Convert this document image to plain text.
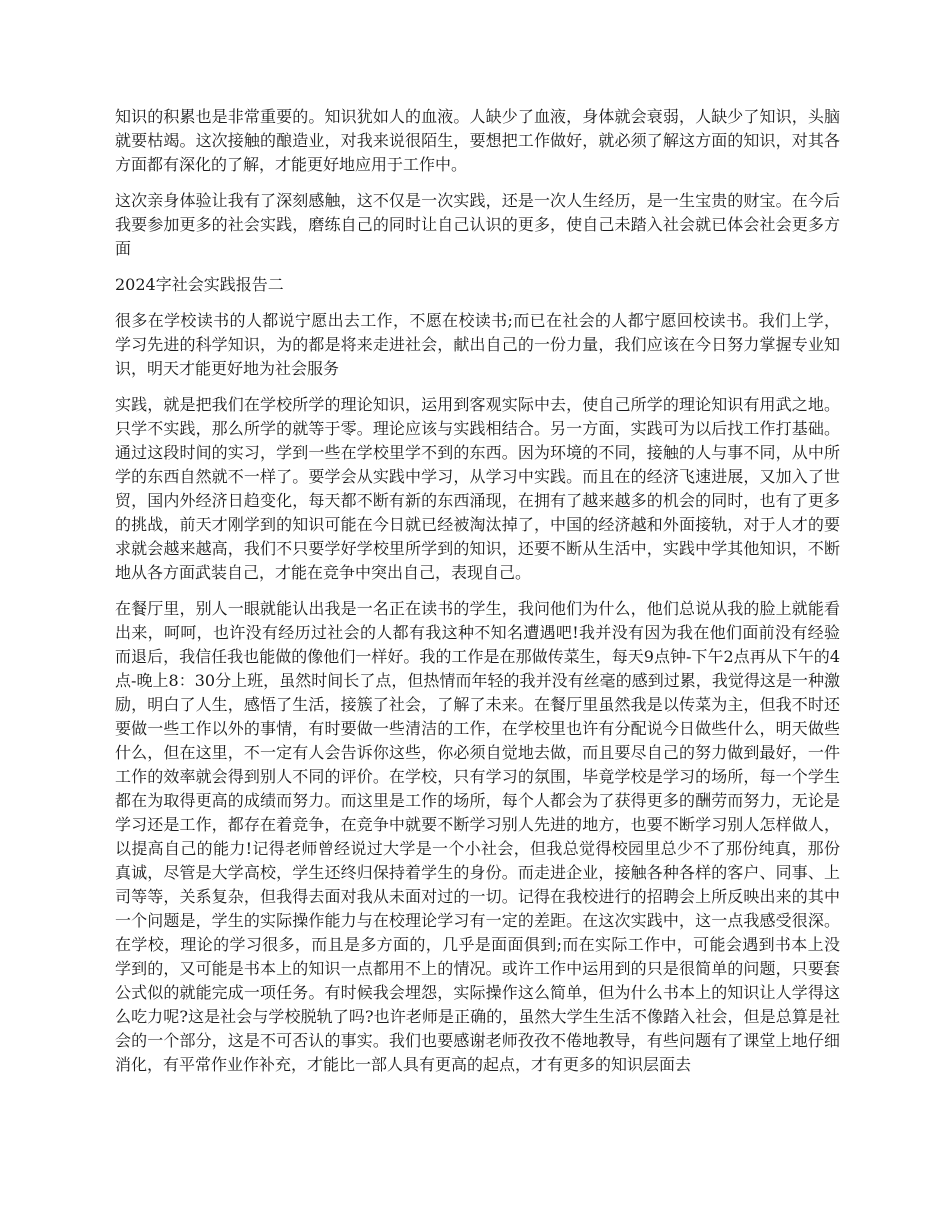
知识的积累也是非常重要的。知识犹如人的血液。人缺少了血液，身体就会衰弱，人缺少了知识，头脑就要枯竭。这次接触的酿造业，对我来说很陌生，要想把工作做好，就必须了解这方面的知识，对其各方面都有深化的了解，才能更好地应用于工作中。

这次亲身体验让我有了深刻感触，这不仅是一次实践，还是一次人生经历，是一生宝贵的财宝。在今后我要参加更多的社会实践，磨练自己的同时让自己认识的更多，使自己未踏入社会就已体会社会更多方面

2024字社会实践报告二

很多在学校读书的人都说宁愿出去工作，不愿在校读书;而已在社会的人都宁愿回校读书。我们上学，学习先进的科学知识，为的都是将来走进社会，献出自己的一份力量，我们应该在今日努力掌握专业知识，明天才能更好地为社会服务

实践，就是把我们在学校所学的理论知识，运用到客观实际中去，使自己所学的理论知识有用武之地。只学不实践，那么所学的就等于零。理论应该与实践相结合。另一方面，实践可为以后找工作打基础。通过这段时间的实习，学到一些在学校里学不到的东西。因为环境的不同，接触的人与事不同，从中所学的东西自然就不一样了。要学会从实践中学习，从学习中实践。而且在的经济飞速进展，又加入了世贸，国内外经济日趋变化，每天都不断有新的东西涌现，在拥有了越来越多的机会的同时，也有了更多的挑战，前天才刚学到的知识可能在今日就已经被淘汰掉了，中国的经济越和外面接轨，对于人才的要求就会越来越高，我们不只要学好学校里所学到的知识，还要不断从生活中，实践中学其他知识，不断地从各方面武装自己，才能在竞争中突出自己，表现自己。

在餐厅里，别人一眼就能认出我是一名正在读书的学生，我问他们为什么，他们总说从我的脸上就能看出来，呵呵，也许没有经历过社会的人都有我这种不知名遭遇吧!我并没有因为我在他们面前没有经验而退后，我信任我也能做的像他们一样好。我的工作是在那做传菜生，每天9点钟-下午2点再从下午的4点-晚上8：30分上班，虽然时间长了点，但热情而年轻的我并没有丝毫的感到过累，我觉得这是一种激励，明白了人生，感悟了生活，接簇了社会，了解了未来。在餐厅里虽然我是以传菜为主，但我不时还要做一些工作以外的事情，有时要做一些清洁的工作，在学校里也许有分配说今日做些什么，明天做些什么，但在这里，不一定有人会告诉你这些，你必须自觉地去做，而且要尽自己的努力做到最好，一件工作的效率就会得到别人不同的评价。在学校，只有学习的氛围，毕竟学校是学习的场所，每一个学生都在为取得更高的成绩而努力。而这里是工作的场所，每个人都会为了获得更多的酬劳而努力，无论是学习还是工作，都存在着竞争，在竞争中就要不断学习别人先进的地方，也要不断学习别人怎样做人，以提高自己的能力!记得老师曾经说过大学是一个小社会，但我总觉得校园里总少不了那份纯真，那份真诚，尽管是大学高校，学生还终归保持着学生的身份。而走进企业，接触各种各样的客户、同事、上司等等，关系复杂，但我得去面对我从未面对过的一切。记得在我校进行的招聘会上所反映出来的其中一个问题是，学生的实际操作能力与在校理论学习有一定的差距。在这次实践中，这一点我感受很深。在学校，理论的学习很多，而且是多方面的，几乎是面面俱到;而在实际工作中，可能会遇到书本上没学到的，又可能是书本上的知识一点都用不上的情况。或许工作中运用到的只是很简单的问题，只要套公式似的就能完成一项任务。有时候我会埋怨，实际操作这么简单，但为什么书本上的知识让人学得这么吃力呢?这是社会与学校脱轨了吗?也许老师是正确的，虽然大学生生活不像踏入社会，但是总算是社会的一个部分，这是不可否认的事实。我们也要感谢老师孜孜不倦地教导，有些问题有了课堂上地仔细消化，有平常作业作补充，才能比一部人具有更高的起点，才有更多的知识层面去
